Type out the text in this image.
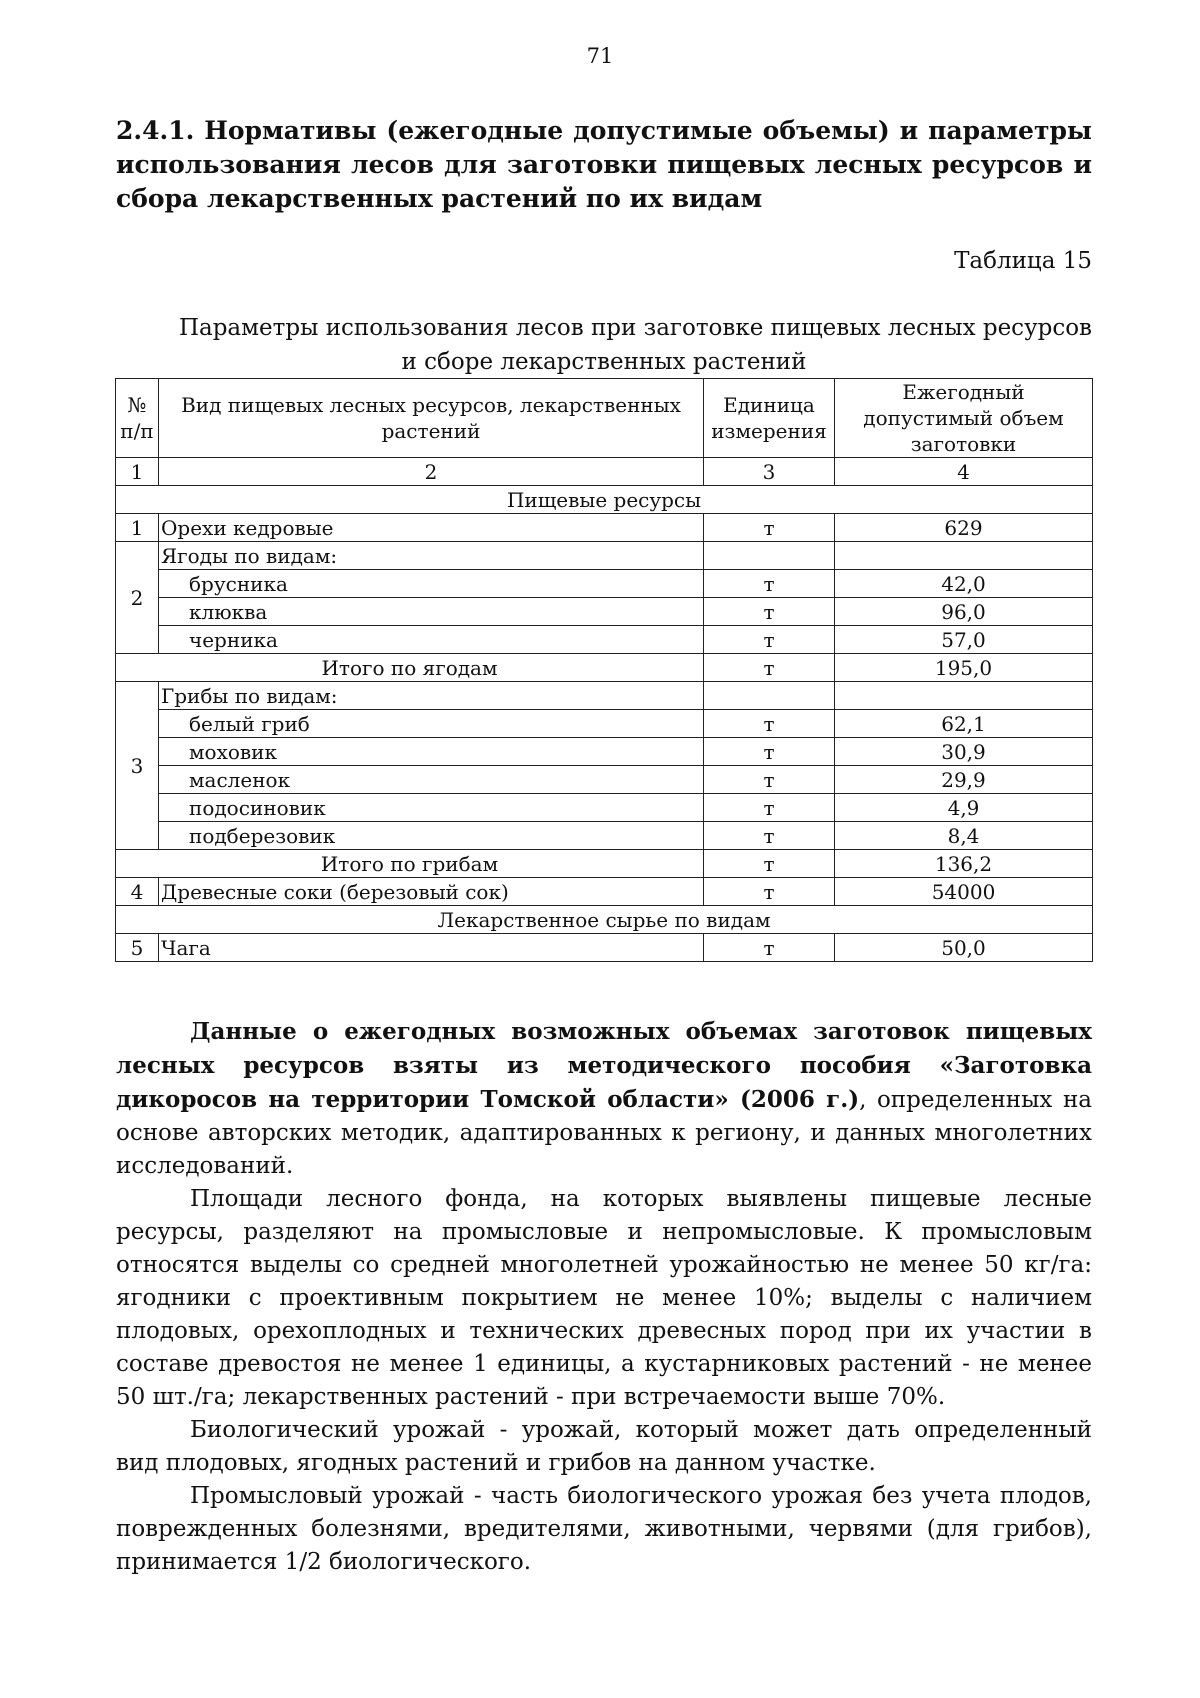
71
2.4.1. Нормативы (ежегодные допустимые объемы) и параметры использования лесов для заготовки пищевых лесных ресурсов и сбора лекарственных растений по их видам
Таблица 15
Параметры использования лесов при заготовке пищевых лесных ресурсов
и сборе лекарственных растений
№ п/п	Вид пищевых лесных ресурсов, лекарственных растений	Единица измерения	Ежегодный допустимый объем заготовки
1	2	3	4
Пищевые ресурсы			
1	Орехи кедровые	т	629
2	Ягоды по видам:		
	брусника	т	42,0
	клюква	т	96,0
	черника	т	57,0
Итого по ягодам		т	195,0
3	Грибы по видам:		
	белый гриб	т	62,1
	моховик	т	30,9
	масленок	т	29,9
	подосиновик	т	4,9
	подберезовик	т	8,4
Итого по грибам		т	136,2
4	Древесные соки (березовый сок)	т	54000
Лекарственное сырье по видам			
5	Чага	т	50,0

Данные о ежегодных возможных объемах заготовок пищевых лесных ресурсов взяты из методического пособия «Заготовка дикоросов на территории Томской области» (2006 г.), определенных на основе авторских методик, адаптированных к региону, и данных многолетних исследований.

Площади лесного фонда, на которых выявлены пищевые лесные ресурсы, разделяют на промысловые и непромысловые. К промысловым относятся выделы со средней многолетней урожайностью не менее 50 кг/га: ягодники с проективным покрытием не менее 10%; выделы с наличием плодовых, орехоплодных и технических древесных пород при их участии в составе древостоя не менее 1 единицы, а кустарниковых растений - не менее 50 шт./га; лекарственных растений - при встречаемости выше 70%.

Биологический урожай - урожай, который может дать определенный вид плодовых, ягодных растений и грибов на данном участке.

Промысловый урожай - часть биологического урожая без учета плодов, поврежденных болезнями, вредителями, животными, червями (для грибов), принимается 1/2 биологического.
